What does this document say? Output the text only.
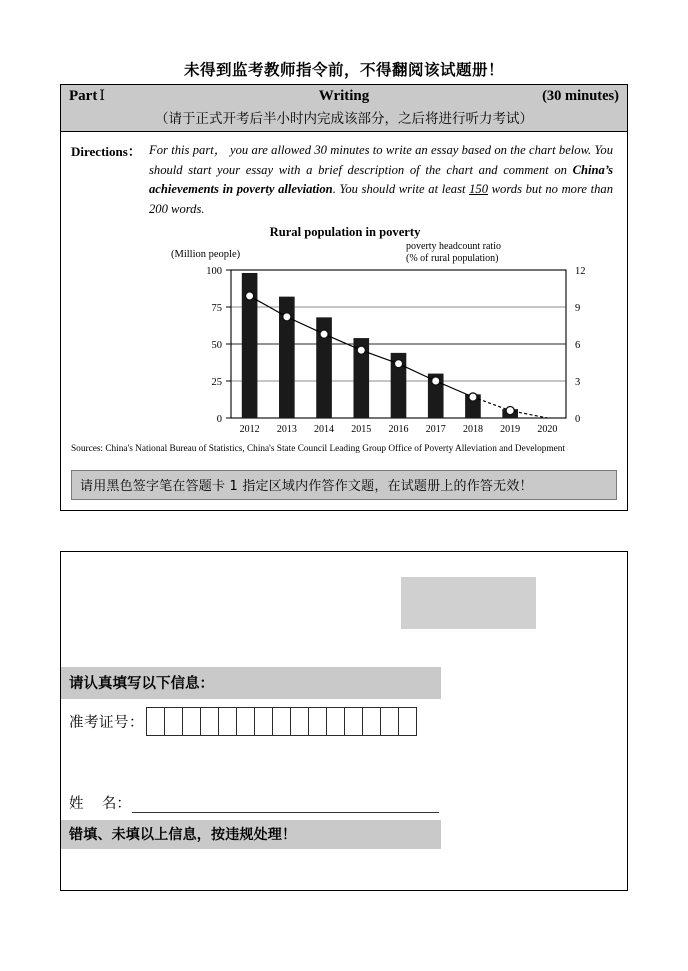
未得到监考教师指令前，不得翻阅该试题册！
Part Ⅰ	Writing	(30 minutes)
（请于正式开考后半小时内完成该部分，之后将进行听力考试）
Directions： For this part， you are allowed 30 minutes to write an essay based on the chart below. You should start your essay with a brief description of the chart and comment on China’s achievements in poverty alleviation. You should write at least 150 words but no more than 200 words.
Rural population in poverty
(Million people)
poverty headcount ratio
(% of rural population)
0
25
50
75
100
0
3
6
9
12
2012 2013 2014 2015 2016 2017 2018 2019 2020
Sources: China's National Bureau of Statistics, China's State Council Leading Group Office of Poverty Alleviation and Development
请用黑色签字笔在答题卡 1 指定区域内作答作文题，在试题册上的作答无效！
请认真填写以下信息：
准考证号：
姓    名：
错填、未填以上信息，按违规处理！
